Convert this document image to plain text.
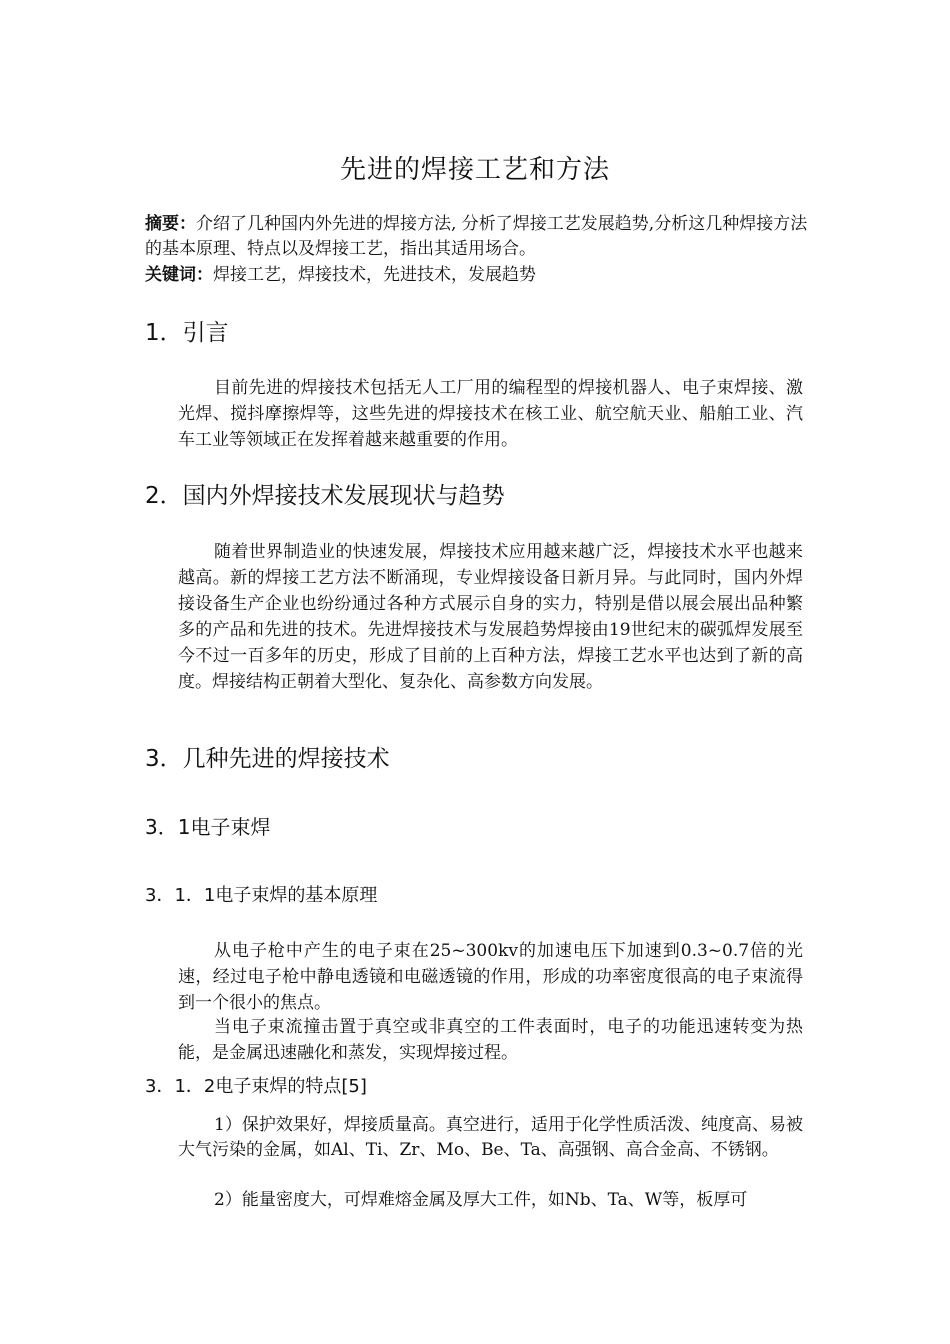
先进的焊接工艺和方法
摘要：介绍了几种国内外先进的焊接方法, 分析了焊接工艺发展趋势,分析这几种焊接方法的基本原理、特点以及焊接工艺，指出其适用场合。
关键词：焊接工艺，焊接技术，先进技术，发展趋势
1．引言
目前先进的焊接技术包括无人工厂用的编程型的焊接机器人、电子束焊接、激光焊、搅抖摩擦焊等，这些先进的焊接技术在核工业、航空航天业、船舶工业、汽车工业等领域正在发挥着越来越重要的作用。
2．国内外焊接技术发展现状与趋势
随着世界制造业的快速发展，焊接技术应用越来越广泛，焊接技术水平也越来越高。新的焊接工艺方法不断涌现，专业焊接设备日新月异。与此同时，国内外焊接设备生产企业也纷纷通过各种方式展示自身的实力，特别是借以展会展出品种繁多的产品和先进的技术。先进焊接技术与发展趋势焊接由19世纪末的碳弧焊发展至今不过一百多年的历史，形成了目前的上百种方法，焊接工艺水平也达到了新的高度。焊接结构正朝着大型化、复杂化、高参数方向发展。
3．几种先进的焊接技术
3．1电子束焊
3．1．1电子束焊的基本原理
从电子枪中产生的电子束在25~300kv的加速电压下加速到0.3~0.7倍的光速，经过电子枪中静电透镜和电磁透镜的作用，形成的功率密度很高的电子束流得到一个很小的焦点。
当电子束流撞击置于真空或非真空的工件表面时，电子的功能迅速转变为热能，是金属迅速融化和蒸发，实现焊接过程。
3．1．2电子束焊的特点[5]
1）保护效果好，焊接质量高。真空进行，适用于化学性质活泼、纯度高、易被大气污染的金属，如Al、Ti、Zr、Mo、Be、Ta、高强钢、高合金高、不锈钢。
2）能量密度大，可焊难熔金属及厚大工件，如Nb、Ta、W等，板厚可
